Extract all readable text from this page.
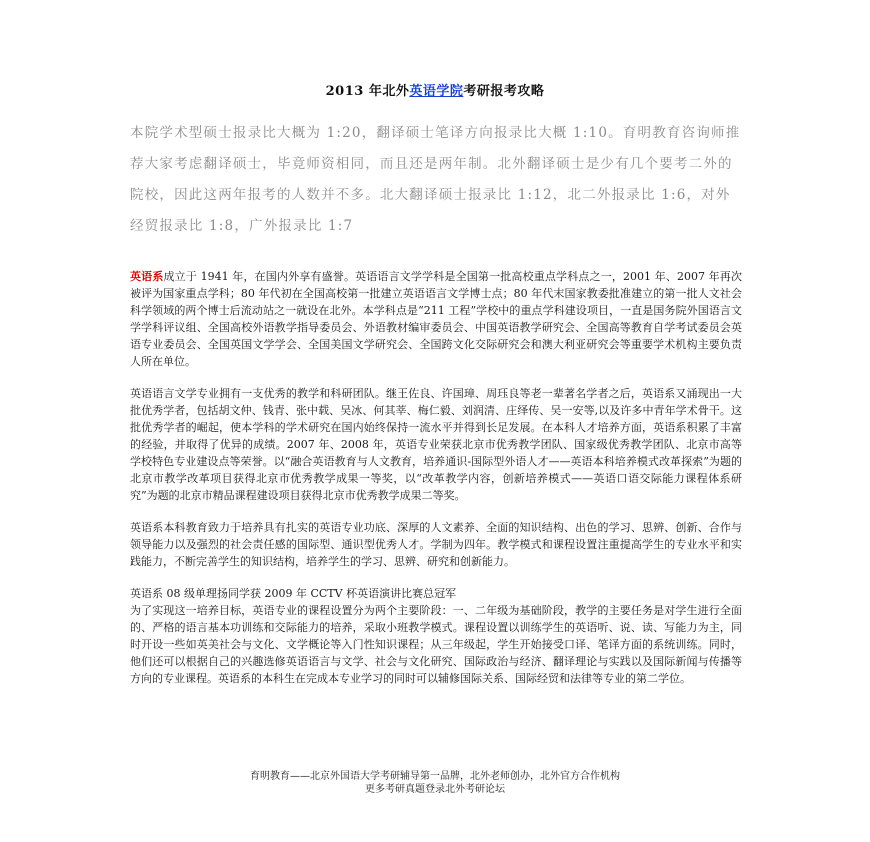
2013 年北外英语学院考研报考攻略

本院学术型硕士报录比大概为 1:20，翻译硕士笔译方向报录比大概 1:10。育明教育咨询师推荐大家考虑翻译硕士，毕竟师资相同，而且还是两年制。北外翻译硕士是少有几个要考二外的院校，因此这两年报考的人数并不多。北大翻译硕士报录比 1:12，北二外报录比 1:6，对外经贸报录比 1:8，广外报录比 1:7

英语系成立于 1941 年，在国内外享有盛誉。英语语言文学学科是全国第一批高校重点学科点之一，2001 年、2007 年再次被评为国家重点学科；80 年代初在全国高校第一批建立英语语言文学博士点；80 年代末国家教委批准建立的第一批人文社会科学领域的两个博士后流动站之一就设在北外。本学科点是“211 工程”学校中的重点学科建设项目，一直是国务院外国语言文学学科评议组、全国高校外语教学指导委员会、外语教材编审委员会、中国英语教学研究会、全国高等教育自学考试委员会英语专业委员会、全国英国文学学会、全国美国文学研究会、全国跨文化交际研究会和澳大利亚研究会等重要学术机构主要负责人所在单位。

英语语言文学专业拥有一支优秀的教学和科研团队。继王佐良、许国璋、周珏良等老一辈著名学者之后，英语系又涌现出一大批优秀学者，包括胡文仲、钱青、张中载、吴冰、何其莘、梅仁毅、刘润清、庄绎传、吴一安等,以及许多中青年学术骨干。这批优秀学者的崛起，使本学科的学术研究在国内始终保持一流水平并得到长足发展。在本科人才培养方面，英语系积累了丰富的经验，并取得了优异的成绩。2007 年、2008 年，英语专业荣获北京市优秀教学团队、国家级优秀教学团队、北京市高等学校特色专业建设点等荣誉。以“融合英语教育与人文教育，培养通识-国际型外语人才——英语本科培养模式改革探索”为题的北京市教学改革项目获得北京市优秀教学成果一等奖，以“改革教学内容，创新培养模式——英语口语交际能力课程体系研究”为题的北京市精品课程建设项目获得北京市优秀教学成果二等奖。

英语系本科教育致力于培养具有扎实的英语专业功底、深厚的人文素养、全面的知识结构、出色的学习、思辨、创新、合作与领导能力以及强烈的社会责任感的国际型、通识型优秀人才。学制为四年。教学模式和课程设置注重提高学生的专业水平和实践能力，不断完善学生的知识结构，培养学生的学习、思辨、研究和创新能力。

英语系 08 级单理扬同学获 2009 年 CCTV 杯英语演讲比赛总冠军

为了实现这一培养目标，英语专业的课程设置分为两个主要阶段：一、二年级为基础阶段，教学的主要任务是对学生进行全面的、严格的语言基本功训练和交际能力的培养，采取小班教学模式。课程设置以训练学生的英语听、说、读、写能力为主，同时开设一些如英美社会与文化、文学概论等入门性知识课程；从三年级起，学生开始接受口译、笔译方面的系统训练。同时，他们还可以根据自己的兴趣选修英语语言与文学、社会与文化研究、国际政治与经济、翻译理论与实践以及国际新闻与传播等方向的专业课程。英语系的本科生在完成本专业学习的同时可以辅修国际关系、国际经贸和法律等专业的第二学位。

育明教育——北京外国语大学考研辅导第一品牌，北外老师创办，北外官方合作机构
更多考研真题登录北外考研论坛
